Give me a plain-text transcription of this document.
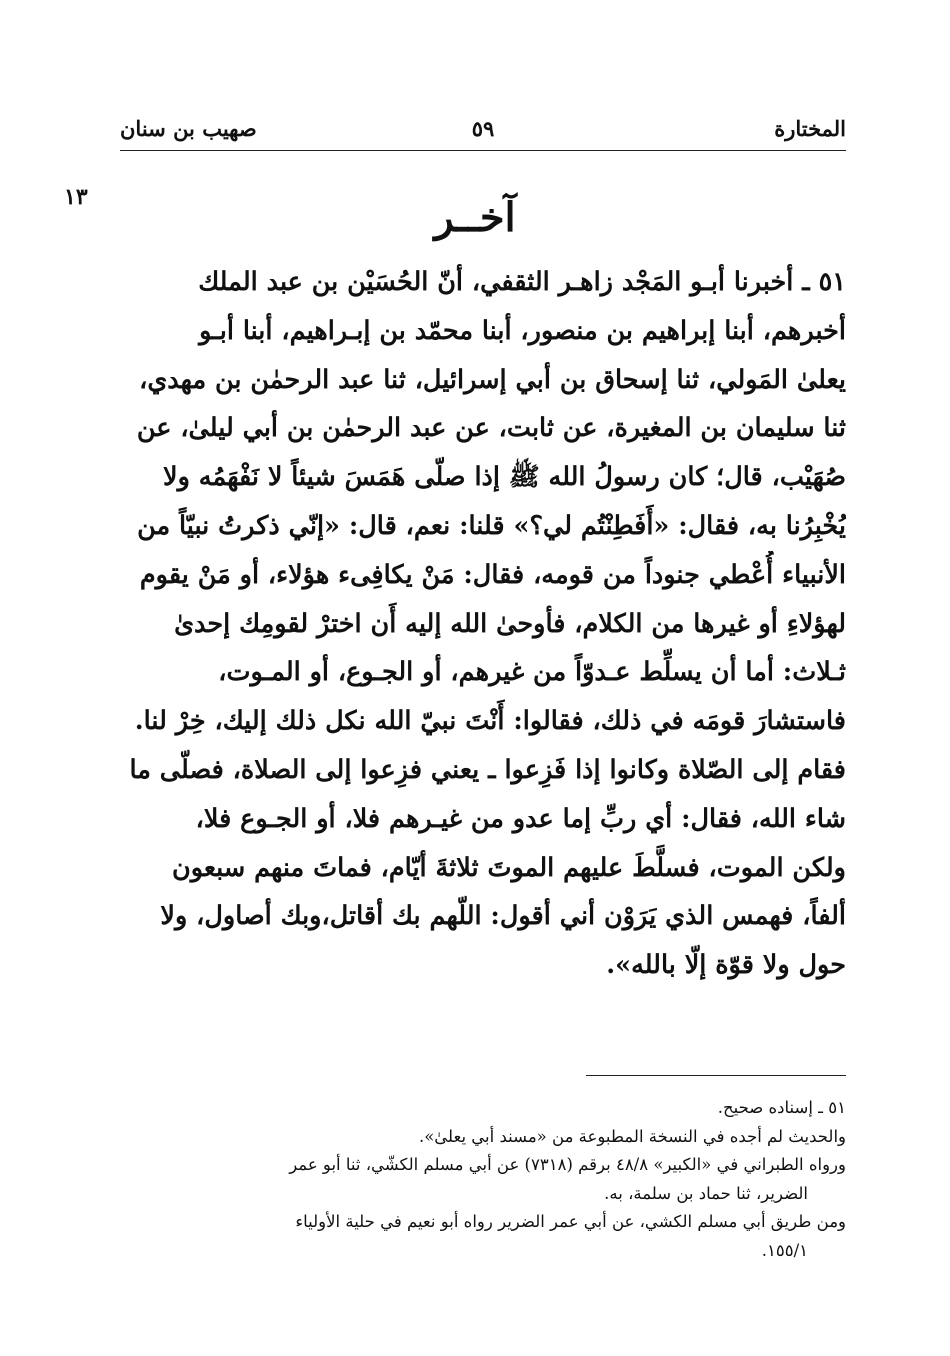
صهيب بن سنان	٥٩	المختارة
١٣	آخــر
٥١ ـ أخبرنا أبـو المَجْد زاهـر الثقفي، أنّ الحُسَيْن بن عبد الملك
أخبرهم، أبنا إبراهيم بن منصور، أبنا محمّد بن إبـراهيم، أبنا أبـو
يعلىٰ المَولي، ثنا إسحاق بن أبي إسرائيل، ثنا عبد الرحمٰن بن مهدي،
ثنا سليمان بن المغيرة، عن ثابت، عن عبد الرحمٰن بن أبي ليلىٰ، عن
صُهَيْب، قال؛ كان رسولُ الله ﷺ إذا صلّى هَمَسَ شيئاً لا نَفْهَمُه ولا
يُخْبِرُنا به، فقال: «أَفَطِنْتُم لي؟» قلنا: نعم، قال: «إنّي ذكرتُ نبيّاً من
الأنبياء أُعْطي جنوداً من قومه، فقال: مَنْ يكافِىء هؤلاء، أو مَنْ يقوم
لهؤلاءِ أو غيرها من الكلام، فأوحىٰ الله إليه أَن اخترْ لقومِك إحدىٰ
ثـلاث: أما أن يسلِّط عـدوّاً من غيرهم، أو الجـوع، أو المـوت،
فاستشارَ قومَه في ذلك، فقالوا: أَنْتَ نبيّ الله نكل ذلك إليك، خِرْ لنا.
فقام إلى الصّلاة وكانوا إذا فَزِعوا ـ يعني فزِعوا إلى الصلاة، فصلّى ما
شاء الله، فقال: أي ربِّ إما عدو من غيـرهم فلا، أو الجـوع فلا،
ولكن الموت، فسلَّطَ عليهم الموتَ ثلاثةَ أيّام، فماتَ منهم سبعون
ألفاً، فهمس الذي يَرَوْن أني أقول: اللّهم بك أقاتل،وبك أصاول، ولا
حول ولا قوّة إلّا بالله».
٥١ ـ إسناده صحيح.
والحديث لم أجده في النسخة المطبوعة من «مسند أبي يعلىٰ».
ورواه الطبراني في «الكبير» ٤٨/٨ برقم (٧٣١٨) عن أبي مسلم الكشّي، ثنا أبو عمر
الضرير، ثنا حماد بن سلمة، به.
ومن طريق أبي مسلم الكشي، عن أبي عمر الضرير رواه أبو نعيم في حلية الأولياء
١٥٥/١.
